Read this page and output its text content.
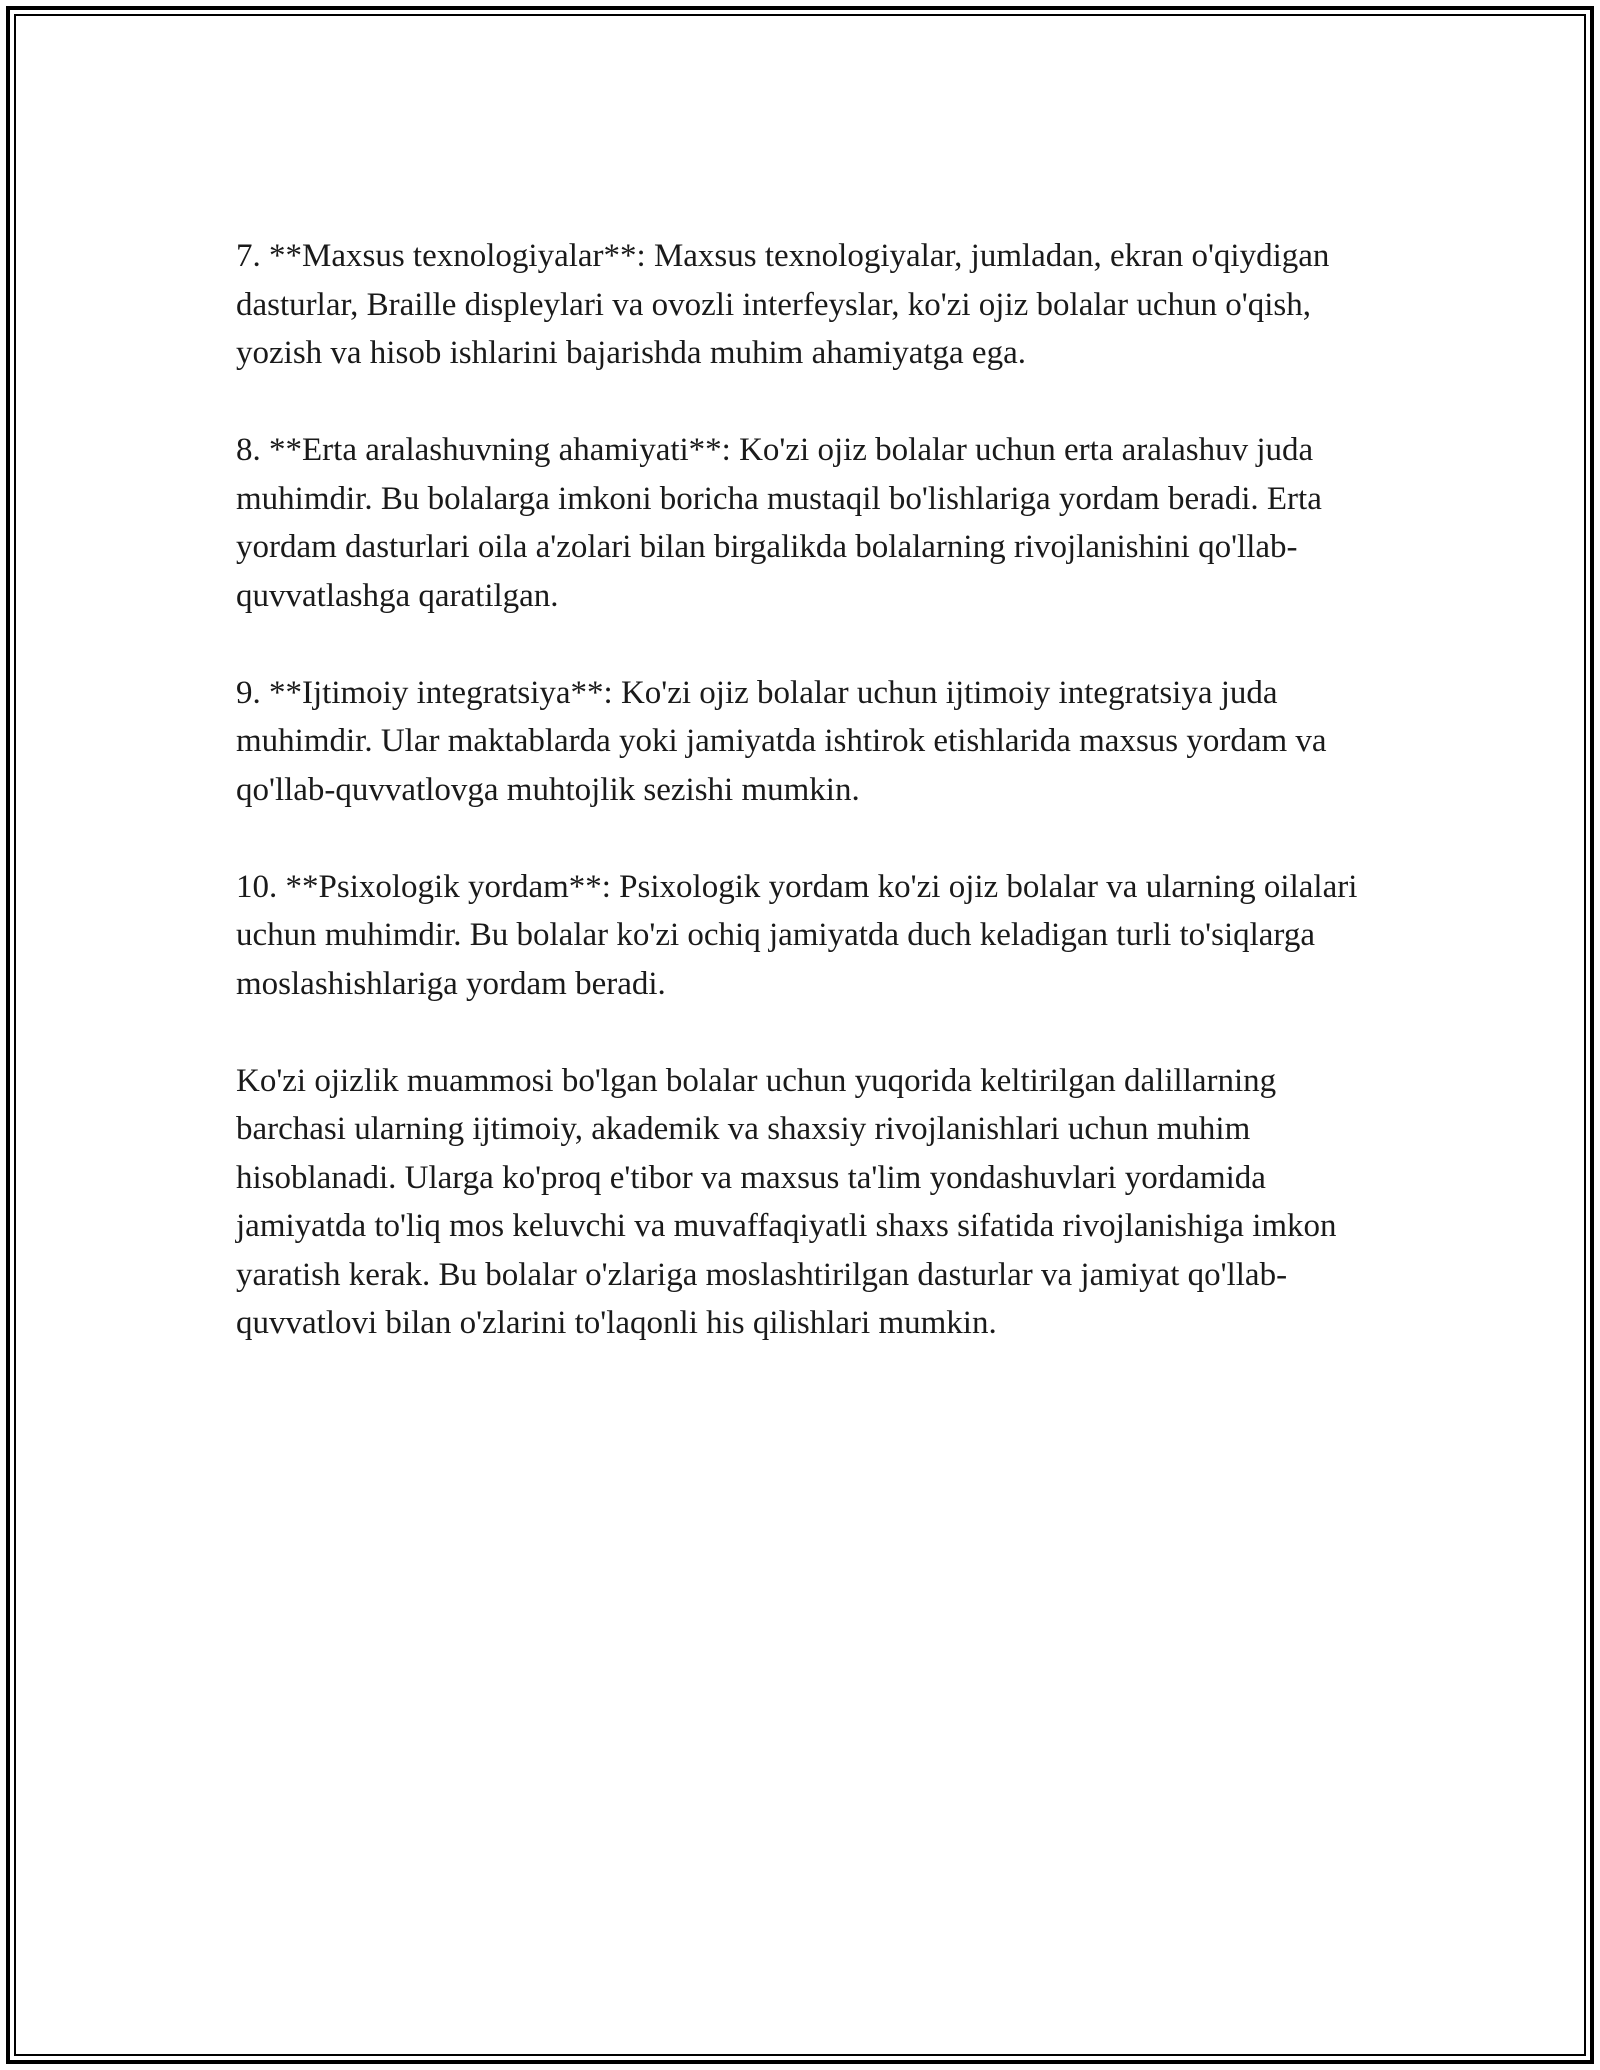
7. **Maxsus texnologiyalar**: Maxsus texnologiyalar, jumladan, ekran o'qiydigan dasturlar, Braille displeylari va ovozli interfeyslar, ko'zi ojiz bolalar uchun o'qish, yozish va hisob ishlarini bajarishda muhim ahamiyatga ega.

8. **Erta aralashuvning ahamiyati**: Ko'zi ojiz bolalar uchun erta aralashuv juda muhimdir. Bu bolalarga imkoni boricha mustaqil bo'lishlariga yordam beradi. Erta yordam dasturlari oila a'zolari bilan birgalikda bolalarning rivojlanishini qo'llab-quvvatlashga qaratilgan.

9. **Ijtimoiy integratsiya**: Ko'zi ojiz bolalar uchun ijtimoiy integratsiya juda muhimdir. Ular maktablarda yoki jamiyatda ishtirok etishlarida maxsus yordam va qo'llab-quvvatlovga muhtojlik sezishi mumkin.

10. **Psixologik yordam**: Psixologik yordam ko'zi ojiz bolalar va ularning oilalari uchun muhimdir. Bu bolalar ko'zi ochiq jamiyatda duch keladigan turli to'siqlarga moslashishlariga yordam beradi.

Ko'zi ojizlik muammosi bo'lgan bolalar uchun yuqorida keltirilgan dalillarning barchasi ularning ijtimoiy, akademik va shaxsiy rivojlanishlari uchun muhim hisoblanadi. Ularga ko'proq e'tibor va maxsus ta'lim yondashuvlari yordamida jamiyatda to'liq mos keluvchi va muvaffaqiyatli shaxs sifatida rivojlanishiga imkon yaratish kerak. Bu bolalar o'zlariga moslashtirilgan dasturlar va jamiyat qo'llab-quvvatlovi bilan o'zlarini to'laqonli his qilishlari mumkin.
